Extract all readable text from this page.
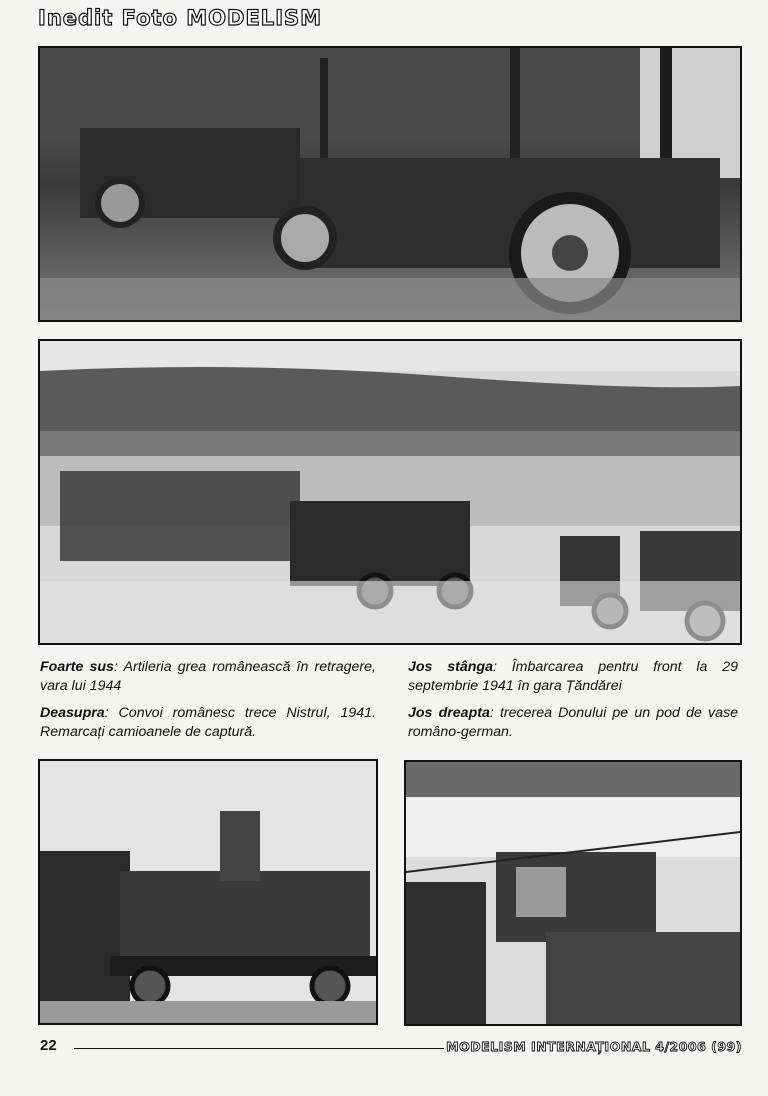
Inedit Foto MODELISM

Foarte sus: Artileria grea românească în retragere, vara lui 1944

Deasupra: Convoi românesc trece Nistrul, 1941. Remarcați camioanele de captură.

Jos stânga: Îmbarcarea pentru front la 29 septembrie 1941 în gara Țăndărei

Jos dreapta: trecerea Donului pe un pod de vase româno-german.

22	MODELISM INTERNAȚIONAL 4/2006 (99)
